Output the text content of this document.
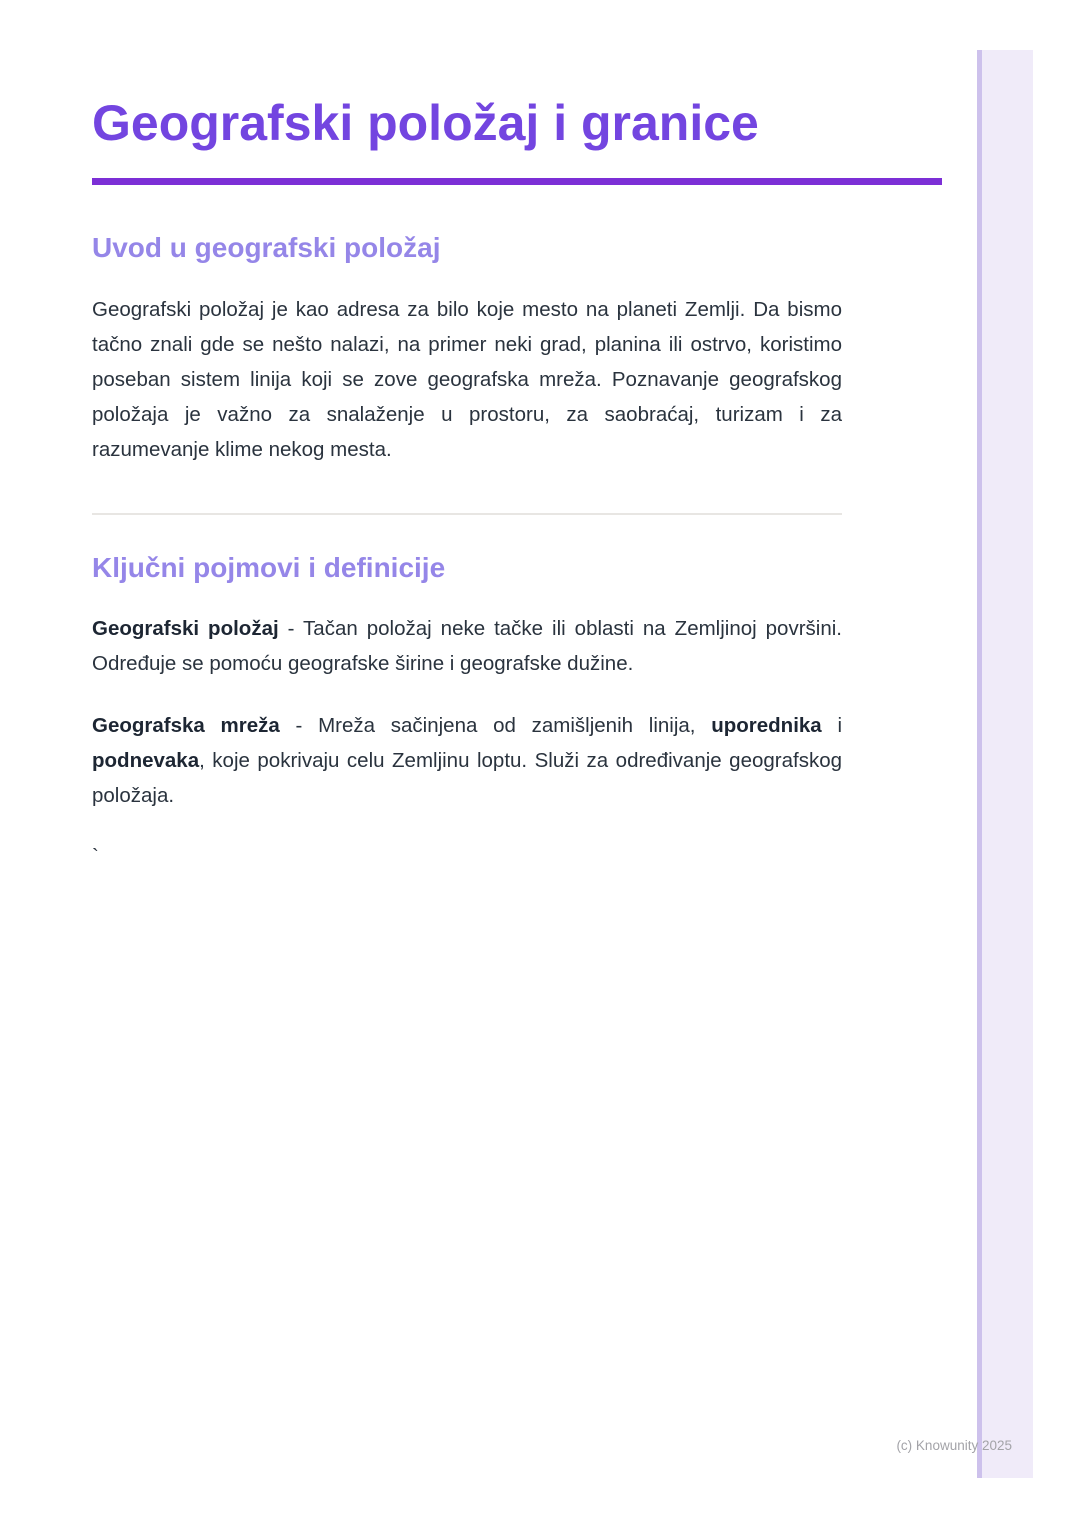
Geografski položaj i granice
Uvod u geografski položaj

Geografski položaj je kao adresa za bilo koje mesto na planeti Zemlji. Da bismo tačno znali gde se nešto nalazi, na primer neki grad, planina ili ostrvo, koristimo poseban sistem linija koji se zove geografska mreža. Poznavanje geografskog položaja je važno za snalaženje u prostoru, za saobraćaj, turizam i za razumevanje klime nekog mesta.

Ključni pojmovi i definicije

Geografski položaj - Tačan položaj neke tačke ili oblasti na Zemljinoj površini. Određuje se pomoću geografske širine i geografske dužine.

Geografska mreža - Mreža sačinjena od zamišljenih linija, uporednika i podnevaka, koje pokrivaju celu Zemljinu loptu. Služi za određivanje geografskog položaja.

`

(c) Knowunity 2025
